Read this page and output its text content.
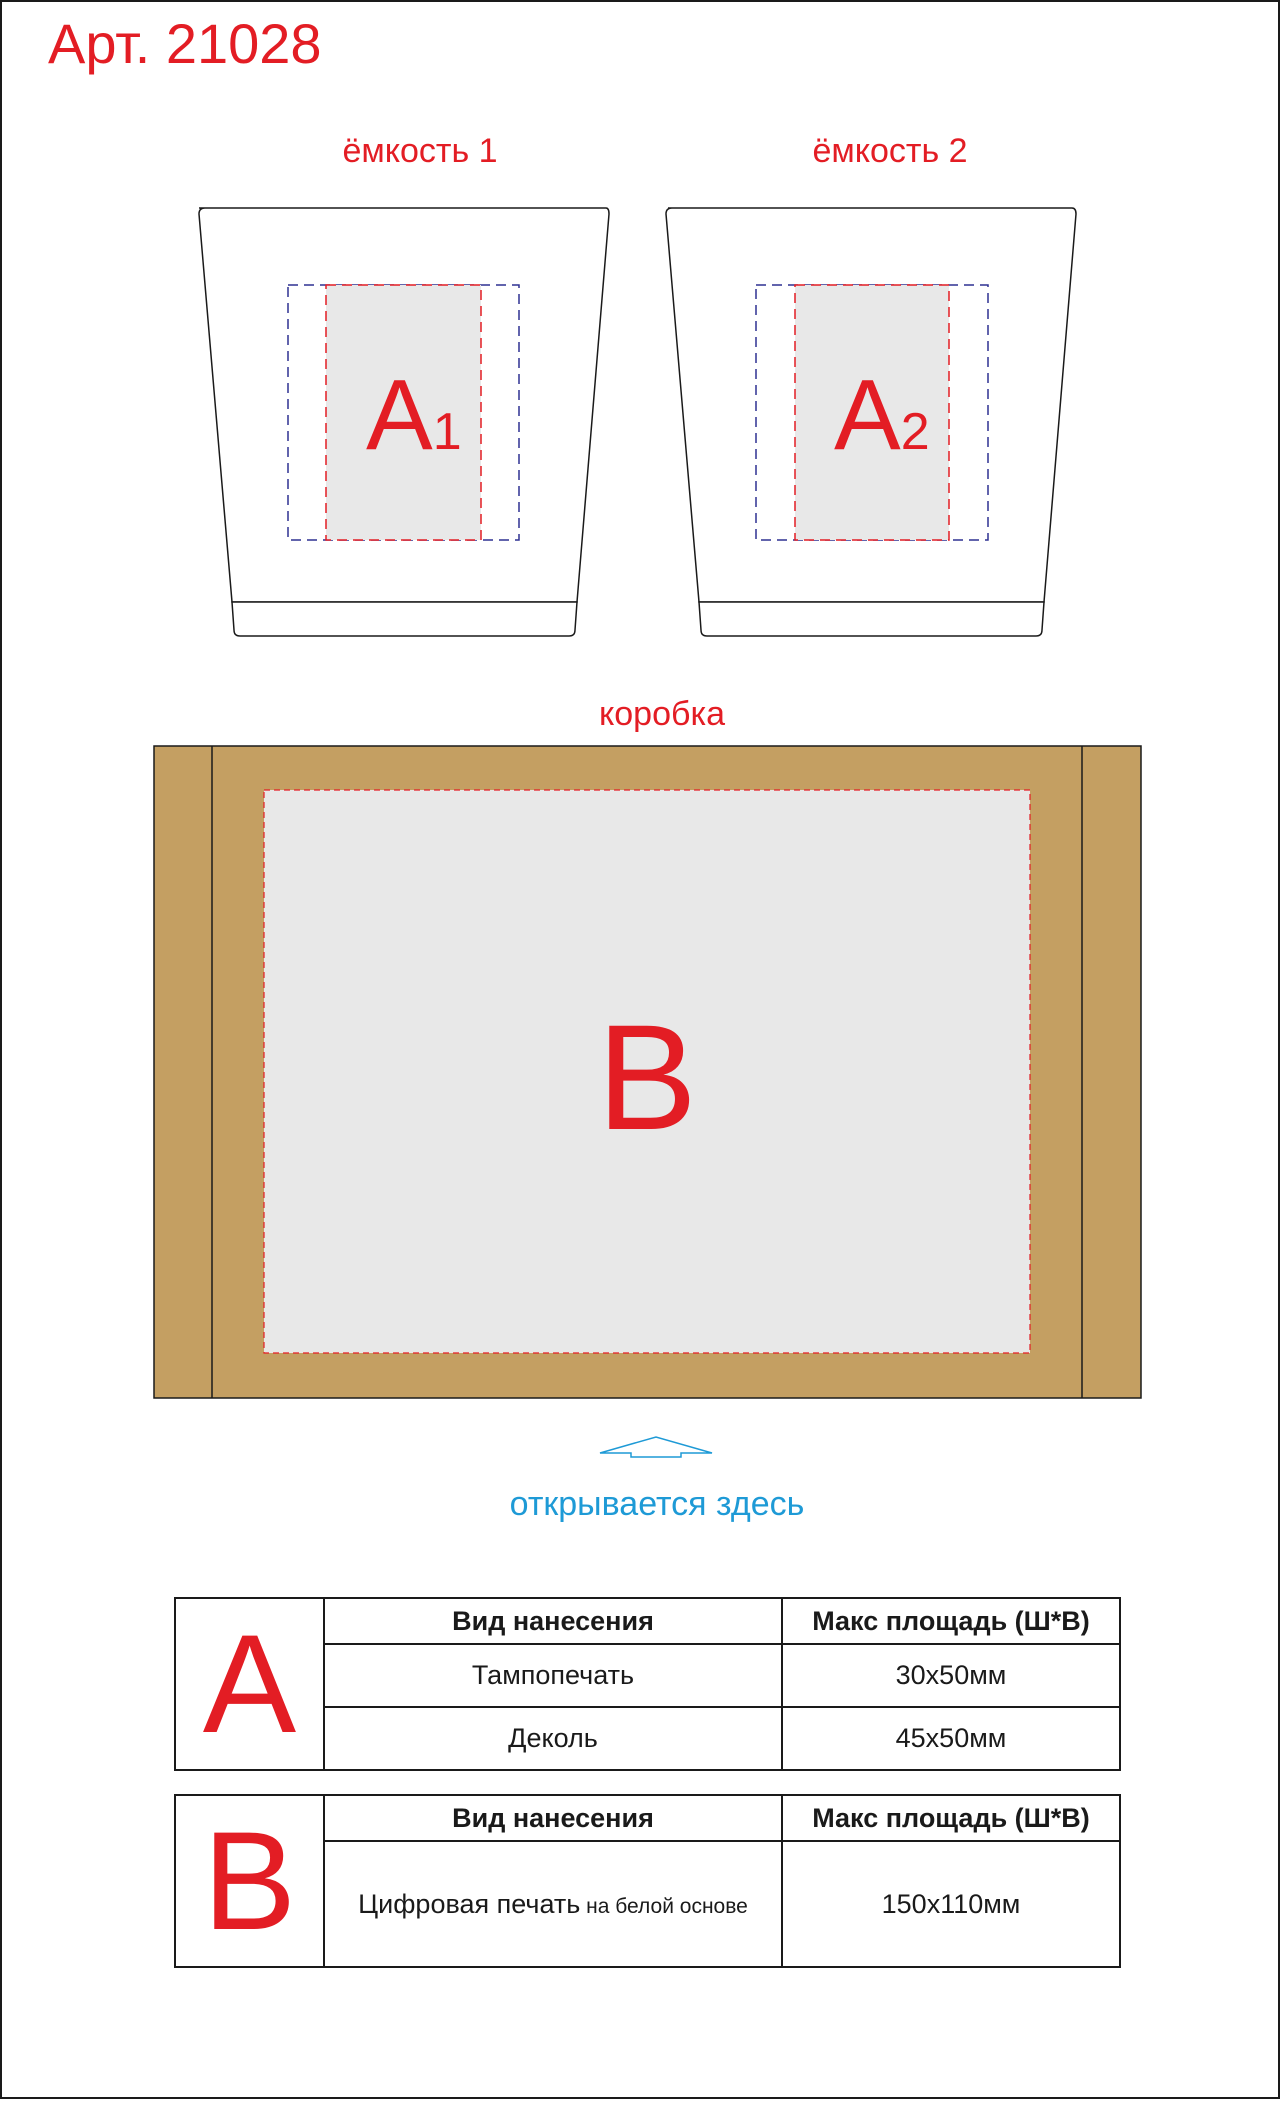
Арт. 21028
ёмкость 1	ёмкость 2
A1	A2
B
коробка
открывается здесь
A	Вид нанесения	Макс площадь (Ш*В)
	Тампопечать	30х50мм
	Деколь	45х50мм
B	Вид нанесения	Макс площадь (Ш*В)
	Цифровая печать на белой основе	150х110мм
